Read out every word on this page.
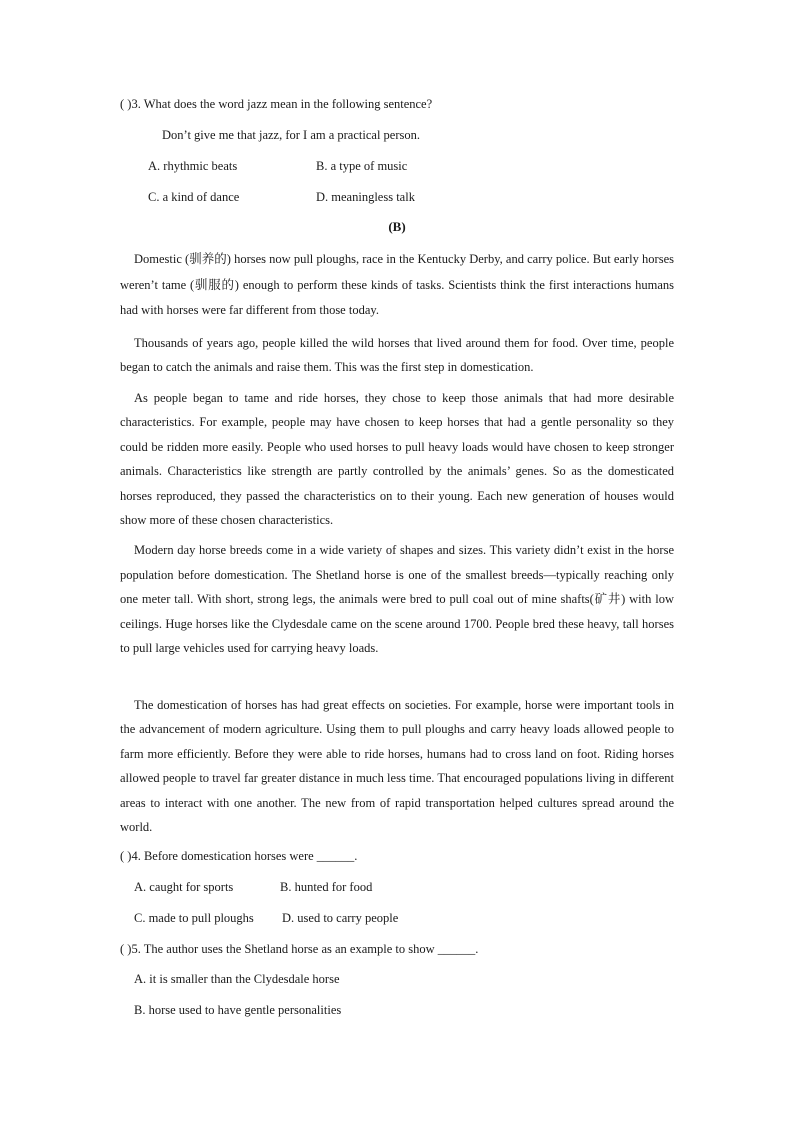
( )3. What does the word jazz mean in the following sentence?
Don’t give me that jazz, for I am a practical person.
A. rhythmic beats	B. a type of music
C. a kind of dance	D. meaningless talk
(B)
Domestic (驯养的) horses now pull ploughs, race in the Kentucky Derby, and carry police. But early horses weren’t tame (驯服的) enough to perform these kinds of tasks. Scientists think the first interactions humans had with horses were far different from those today.
Thousands of years ago, people killed the wild horses that lived around them for food. Over time, people began to catch the animals and raise them. This was the first step in domestication.
As people began to tame and ride horses, they chose to keep those animals that had more desirable characteristics. For example, people may have chosen to keep horses that had a gentle personality so they could be ridden more easily. People who used horses to pull heavy loads would have chosen to keep stronger animals. Characteristics like strength are partly controlled by the animals’ genes. So as the domesticated horses reproduced, they passed the characteristics on to their young. Each new generation of houses would show more of these chosen characteristics.
Modern day horse breeds come in a wide variety of shapes and sizes. This variety didn’t exist in the horse population before domestication. The Shetland horse is one of the smallest breeds—typically reaching only one meter tall. With short, strong legs, the animals were bred to pull coal out of mine shafts(矿井) with low ceilings. Huge horses like the Clydesdale came on the scene around 1700. People bred these heavy, tall horses to pull large vehicles used for carrying heavy loads.
The domestication of horses has had great effects on societies. For example, horse were important tools in the advancement of modern agriculture. Using them to pull ploughs and carry heavy loads allowed people to farm more efficiently. Before they were able to ride horses, humans had to cross land on foot. Riding horses allowed people to travel far greater distance in much less time. That encouraged populations living in different areas to interact with one another. The new from of rapid transportation helped cultures spread around the world.
( )4. Before domestication horses were ______.
A. caught for sports	B. hunted for food
C. made to pull ploughs D. used to carry people
( )5. The author uses the Shetland horse as an example to show ______.
A. it is smaller than the Clydesdale horse
B. horse used to have gentle personalities
